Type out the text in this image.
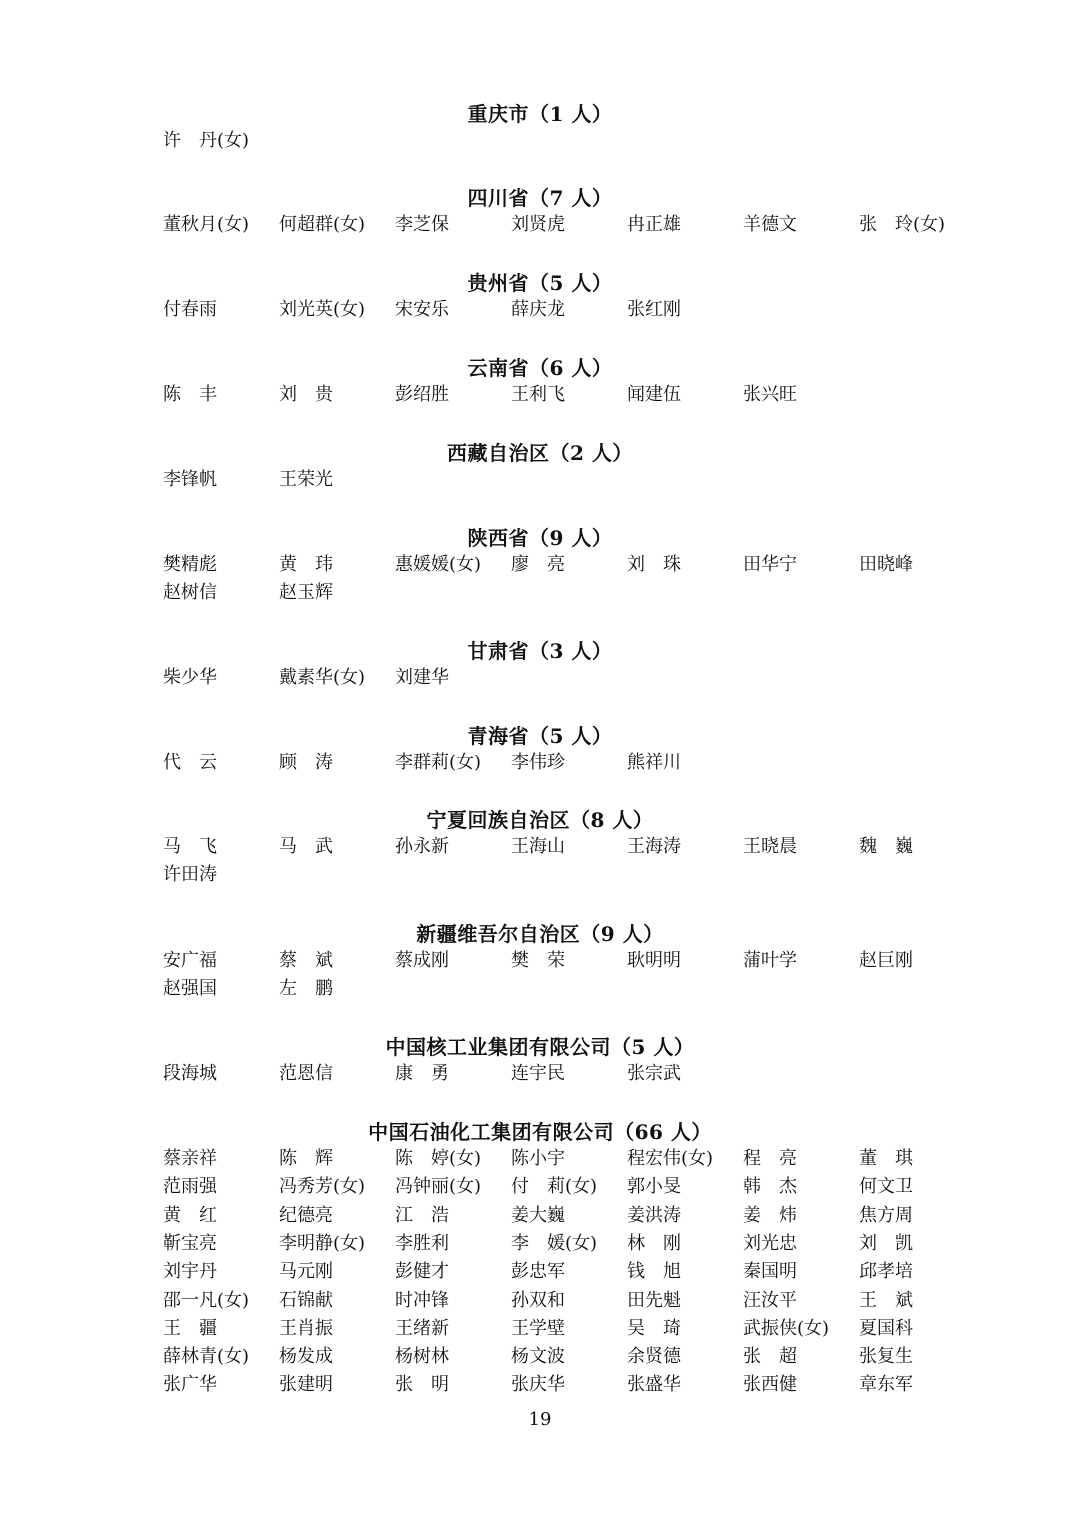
重庆市（1 人）
许　丹(女)
四川省（7 人）
董秋月(女) 何超群(女) 李芝保	刘贤虎	冉正雄	羊德文	张　玲(女)
贵州省（5 人）
付春雨	刘光英(女) 宋安乐	薛庆龙	张红刚
云南省（6 人）
陈　丰	刘　贵	彭绍胜	王利飞	闻建伍	张兴旺
西藏自治区（2 人）
李锋帆	王荣光
陕西省（9 人）
樊精彪	黄　玮	惠媛媛(女) 廖　亮	刘　珠	田华宁	田晓峰
赵树信	赵玉辉
甘肃省（3 人）
柴少华	戴素华(女) 刘建华
青海省（5 人）
代　云	顾　涛	李群莉(女) 李伟珍	熊祥川
宁夏回族自治区（8 人）
马　飞	马　武	孙永新	王海山	王海涛	王晓晨	魏　巍
许田涛
新疆维吾尔自治区（9 人）
安广福	蔡　斌	蔡成刚	樊　荣	耿明明	蒲叶学	赵巨刚
赵强国	左　鹏
中国核工业集团有限公司（5 人）
段海城	范恩信	康　勇	连宇民	张宗武
中国石油化工集团有限公司（66 人）
蔡亲祥	陈　辉	陈　婷(女) 陈小宇	程宏伟(女) 程　亮	董　琪
范雨强	冯秀芳(女) 冯钟丽(女) 付　莉(女) 郭小旻	韩　杰	何文卫
黄　红	纪德亮	江　浩	姜大巍	姜洪涛	姜　炜	焦方周
靳宝亮	李明静(女) 李胜利	李　媛(女) 林　刚	刘光忠	刘　凯
刘宇丹	马元刚	彭健才	彭忠军	钱　旭	秦国明	邱孝培
邵一凡(女) 石锦献	时冲锋	孙双和	田先魁	汪汝平	王　斌
王　疆	王肖振	王绪新	王学壁	吴　琦	武振侠(女) 夏国科
薛林青(女) 杨发成	杨树林	杨文波	余贤德	张　超	张复生
张广华	张建明	张　明	张庆华	张盛华	张西健	章东军
19
